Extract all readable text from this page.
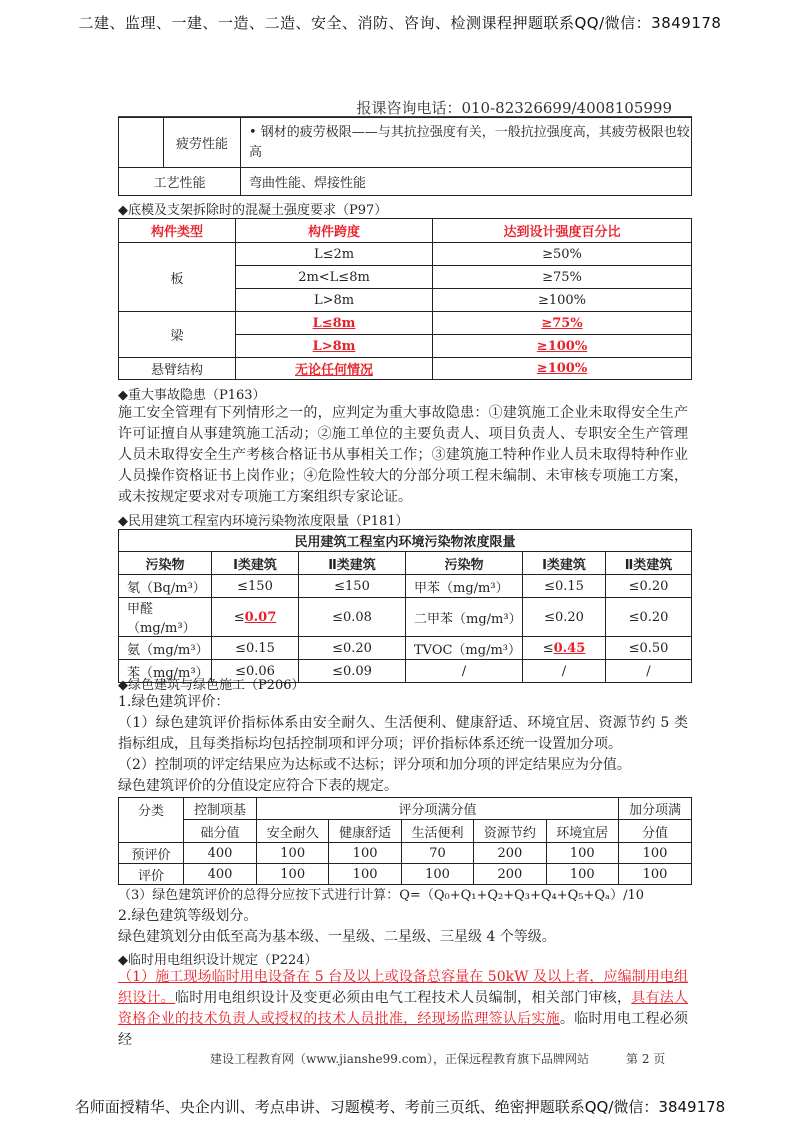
二建、监理、一建、一造、二造、安全、消防、咨询、检测课程押题联系QQ/微信：3849178
报课咨询电话：010-82326699/4008105999
	疲劳性能	• 钢材的疲劳极限——与其抗拉强度有关，一般抗拉强度高，其疲劳极限也较高
工艺性能		弯曲性能、焊接性能
◆底模及支架拆除时的混凝土强度要求（P97）
构件类型	构件跨度	达到设计强度百分比
板	L≤2m	≥50%
	2m<L≤8m	≥75%
	L>8m	≥100%
梁	L≤8m	≥75%
	L>8m	≥100%
悬臂结构	无论任何情况	≥100%
◆重大事故隐患（P163）
施工安全管理有下列情形之一的，应判定为重大事故隐患：①建筑施工企业未取得安全生产许可证擅自从事建筑施工活动；②施工单位的主要负责人、项目负责人、专职安全生产管理人员未取得安全生产考核合格证书从事相关工作；③建筑施工特种作业人员未取得特种作业人员操作资格证书上岗作业；④危险性较大的分部分项工程未编制、未审核专项施工方案，或未按规定要求对专项施工方案组织专家论证。
◆民用建筑工程室内环境污染物浓度限量（P181）
民用建筑工程室内环境污染物浓度限量					
污染物	Ⅰ类建筑	Ⅱ类建筑	污染物	Ⅰ类建筑	Ⅱ类建筑
氡（Bq/m³）	≤150	≤150	甲苯（mg/m³）	≤0.15	≤0.20
甲醛（mg/m³）	≤0.07	≤0.08	二甲苯（mg/m³）	≤0.20	≤0.20
氨（mg/m³）	≤0.15	≤0.20	TVOC（mg/m³）	≤0.45	≤0.50
苯（mg/m³）	≤0.06	≤0.09	/	/	/
◆绿色建筑与绿色施工（P206）
1.绿色建筑评价：
（1）绿色建筑评价指标体系由安全耐久、生活便利、健康舒适、环境宜居、资源节约 5 类指标组成，且每类指标均包括控制项和评分项；评价指标体系还统一设置加分项。
（2）控制项的评定结果应为达标或不达标；评分项和加分项的评定结果应为分值。
绿色建筑评价的分值设定应符合下表的规定。
分类	控制项基	评分项满分值					加分项满
	础分值	安全耐久	健康舒适	生活便利	资源节约	环境宜居	分值
预评价	400	100	100	70	200	100	100
评价	400	100	100	100	200	100	100
（3）绿色建筑评价的总得分应按下式进行计算：Q=（Q₀+Q₁+Q₂+Q₃+Q₄+Q₅+Qₐ）/10
2.绿色建筑等级划分。
绿色建筑划分由低至高为基本级、一星级、二星级、三星级 4 个等级。
◆临时用电组织设计规定（P224）
（1）施工现场临时用电设备在 5 台及以上或设备总容量在 50kW 及以上者，应编制用电组织设计。临时用电组织设计及变更必须由电气工程技术人员编制，相关部门审核，具有法人资格企业的技术负责人或授权的技术人员批准，经现场监理签认后实施。临时用电工程必须经
建设工程教育网（www.jianshe99.com），正保远程教育旗下品牌网站	第 2 页
名师面授精华、央企内训、考点串讲、习题模考、考前三页纸、绝密押题联系QQ/微信：3849178
